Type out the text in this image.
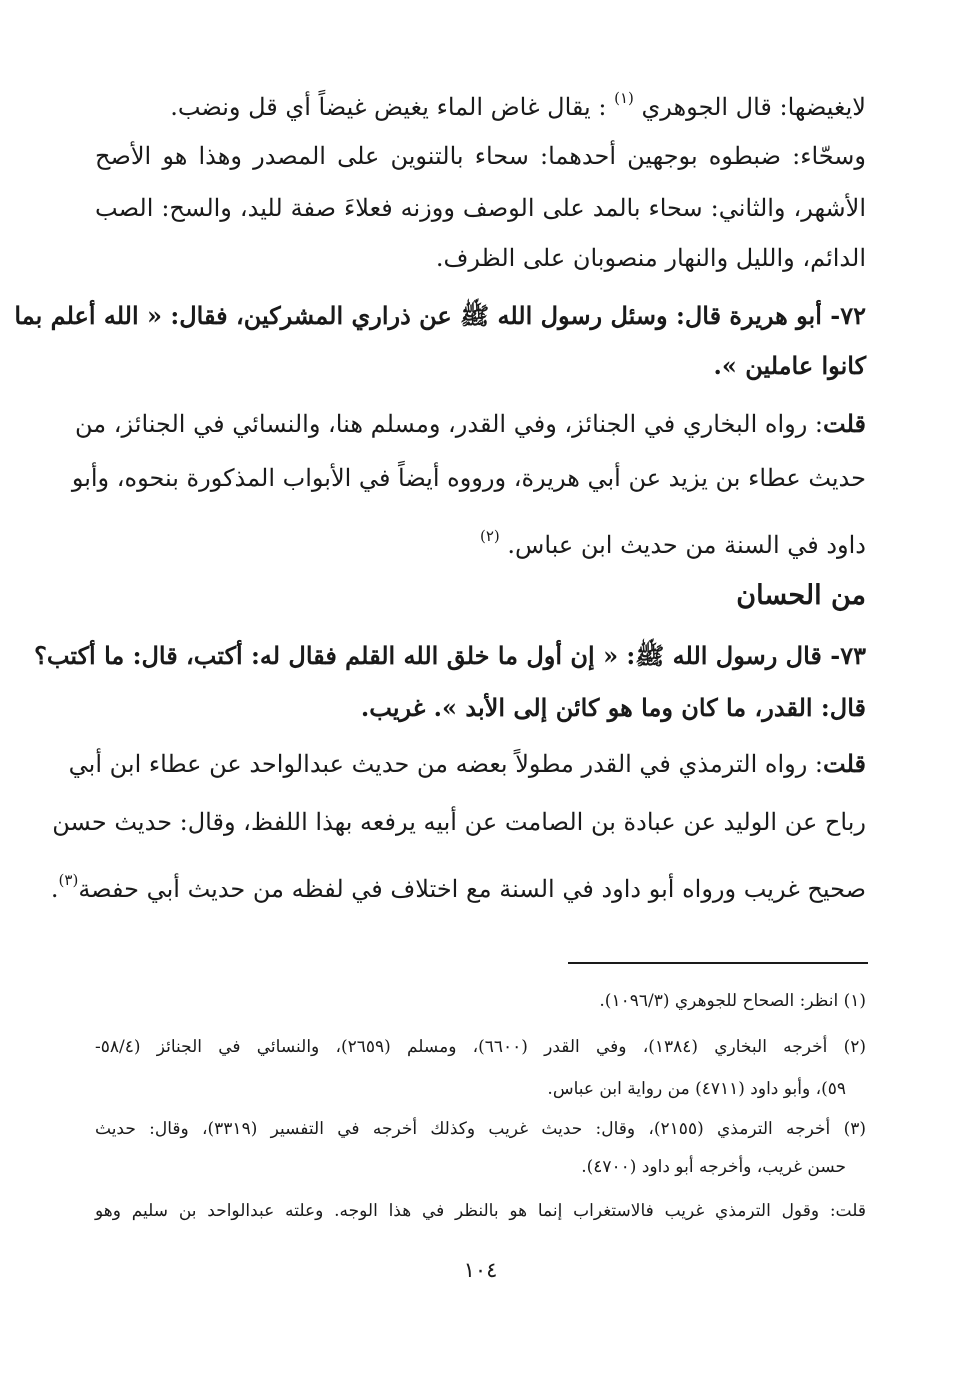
لايغيضها: قال الجوهري $^{(١)}$ : يقال غاض الماء يغيض غيضاً أي قل ونضب.
وسحّاء: ضبطوه بوجهين أحدهما: سحاء بالتنوين على المصدر وهذا هو الأصح
الأشهر، والثاني: سحاء بالمد على الوصف ووزنه فعلاءَ صفة لليد، والسح: الصب
الدائم، والليل والنهار منصوبان على الظرف.
٧٢- أبو هريرة قال: وسئل رسول الله ﷺ عن ذراري المشركين، فقال: « الله أعلم بما
كانوا عاملين ».
قلت: رواه البخاري في الجنائز، وفي القدر، ومسلم هنا، والنسائي في الجنائز، من
حديث عطاء بن يزيد عن أبي هريرة، ورووه أيضاً في الأبواب المذكورة بنحوه، وأبو
داود في السنة من حديث ابن عباس. $^{(٢)}$
من الحسان
٧٣- قال رسول الله ﷺ: « إن أول ما خلق الله القلم فقال له: أكتب، قال: ما أكتب؟
قال: القدر، ما كان وما هو كائن إلى الأبد ». غريب.
قلت: رواه الترمذي في القدر مطولاً بعضه من حديث عبدالواحد عن عطاء ابن أبي
رباح عن الوليد عن عبادة بن الصامت عن أبيه يرفعه بهذا اللفظ، وقال: حديث حسن
صحيح غريب ورواه أبو داود في السنة مع اختلاف في لفظه من حديث أبي حفصة$^{(٣)}$.
(١) انظر: الصحاح للجوهري (١٠٩٦/٣).
(٢) أخرجه البخاري (١٣٨٤)، وفي القدر (٦٦٠٠)، ومسلم (٢٦٥٩)، والنسائي في الجنائز (٥٨/٤-
٥٩)، وأبو داود (٤٧١١) من رواية ابن عباس.
(٣) أخرجه الترمذي (٢١٥٥)، وقال: حديث غريب وكذلك أخرجه في التفسير (٣٣١٩)، وقال: حديث
حسن غريب، وأخرجه أبو داود (٤٧٠٠).
قلت: وقول الترمذي غريب فالاستغراب إنما هو بالنظر في هذا الوجه. وعلته عبدالواحد بن سليم وهو
١٠٤
